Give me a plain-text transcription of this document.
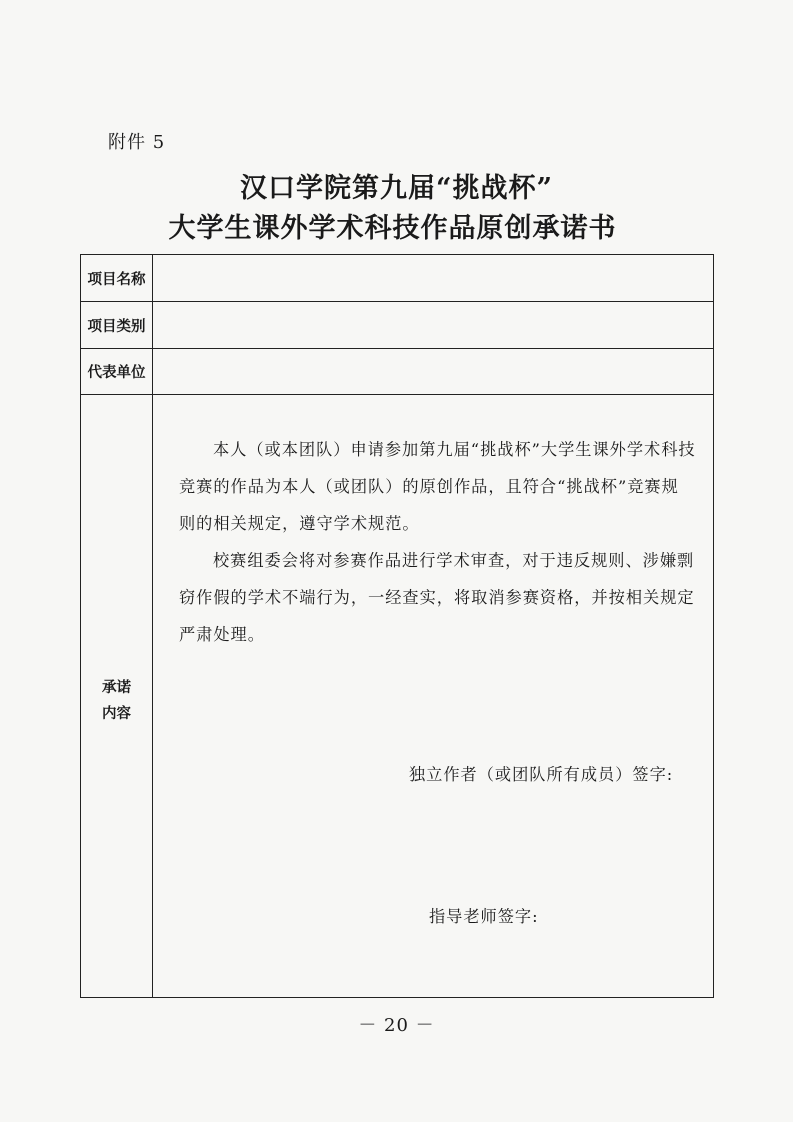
附件 5
汉口学院第九届“挑战杯”
大学生课外学术科技作品原创承诺书
项目名称
项目类别
代表单位
承诺
内容
本人（或本团队）申请参加第九届“挑战杯”大学生课外学术科技
竞赛的作品为本人（或团队）的原创作品，且符合“挑战杯”竞赛规
则的相关规定，遵守学术规范。
校赛组委会将对参赛作品进行学术审查，对于违反规则、涉嫌剽
窃作假的学术不端行为，一经查实，将取消参赛资格，并按相关规定
严肃处理。
独立作者（或团队所有成员）签字:
指导老师签字:
－ 20 －
